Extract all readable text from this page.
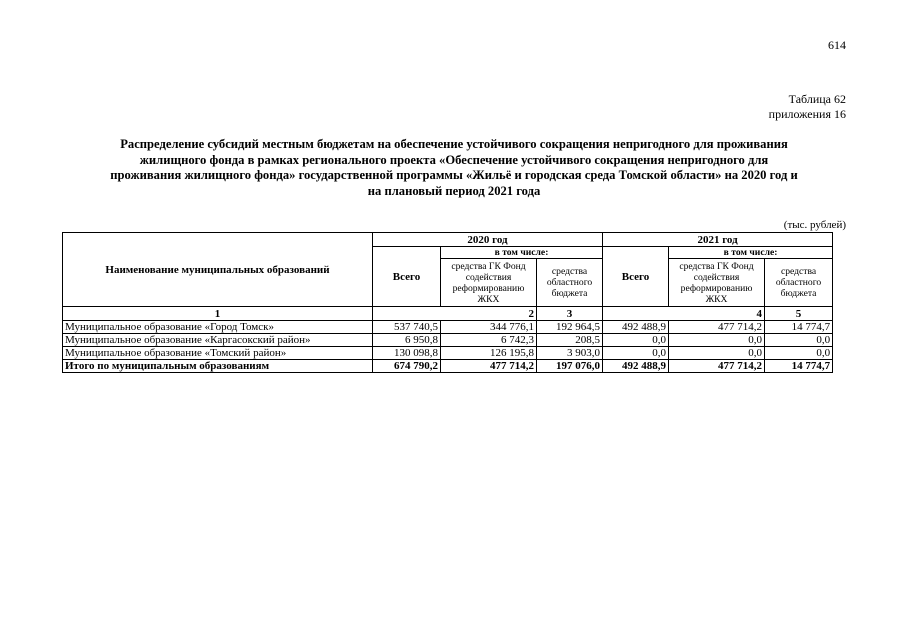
614
Таблица 62
приложения 16
Распределение субсидий местным бюджетам на обеспечение устойчивого сокращения непригодного для проживания
жилищного фонда в рамках регионального проекта «Обеспечение устойчивого сокращения непригодного для
проживания жилищного фонда» государственной программы «Жильё и городская среда Томской области» на 2020 год и
на плановый период 2021 года
(тыс. рублей)
Наименование муниципальных образований	2020 год			2021 год		
	Всего	в том числе:		Всего	в том числе:	
		средства ГК Фонд содействия реформированию ЖКХ	средства областного бюджета		средства ГК Фонд содействия реформированию ЖКХ	средства областного бюджета
1	2		3	4		5
Муниципальное образование «Город Томск»	537 740,5	344 776,1	192 964,5	492 488,9	477 714,2	14 774,7
Муниципальное образование «Каргасокский район»	6 950,8	6 742,3	208,5	0,0	0,0	0,0
Муниципальное образование «Томский район»	130 098,8	126 195,8	3 903,0	0,0	0,0	0,0
Итого по муниципальным образованиям	674 790,2	477 714,2	197 076,0	492 488,9	477 714,2	14 774,7
